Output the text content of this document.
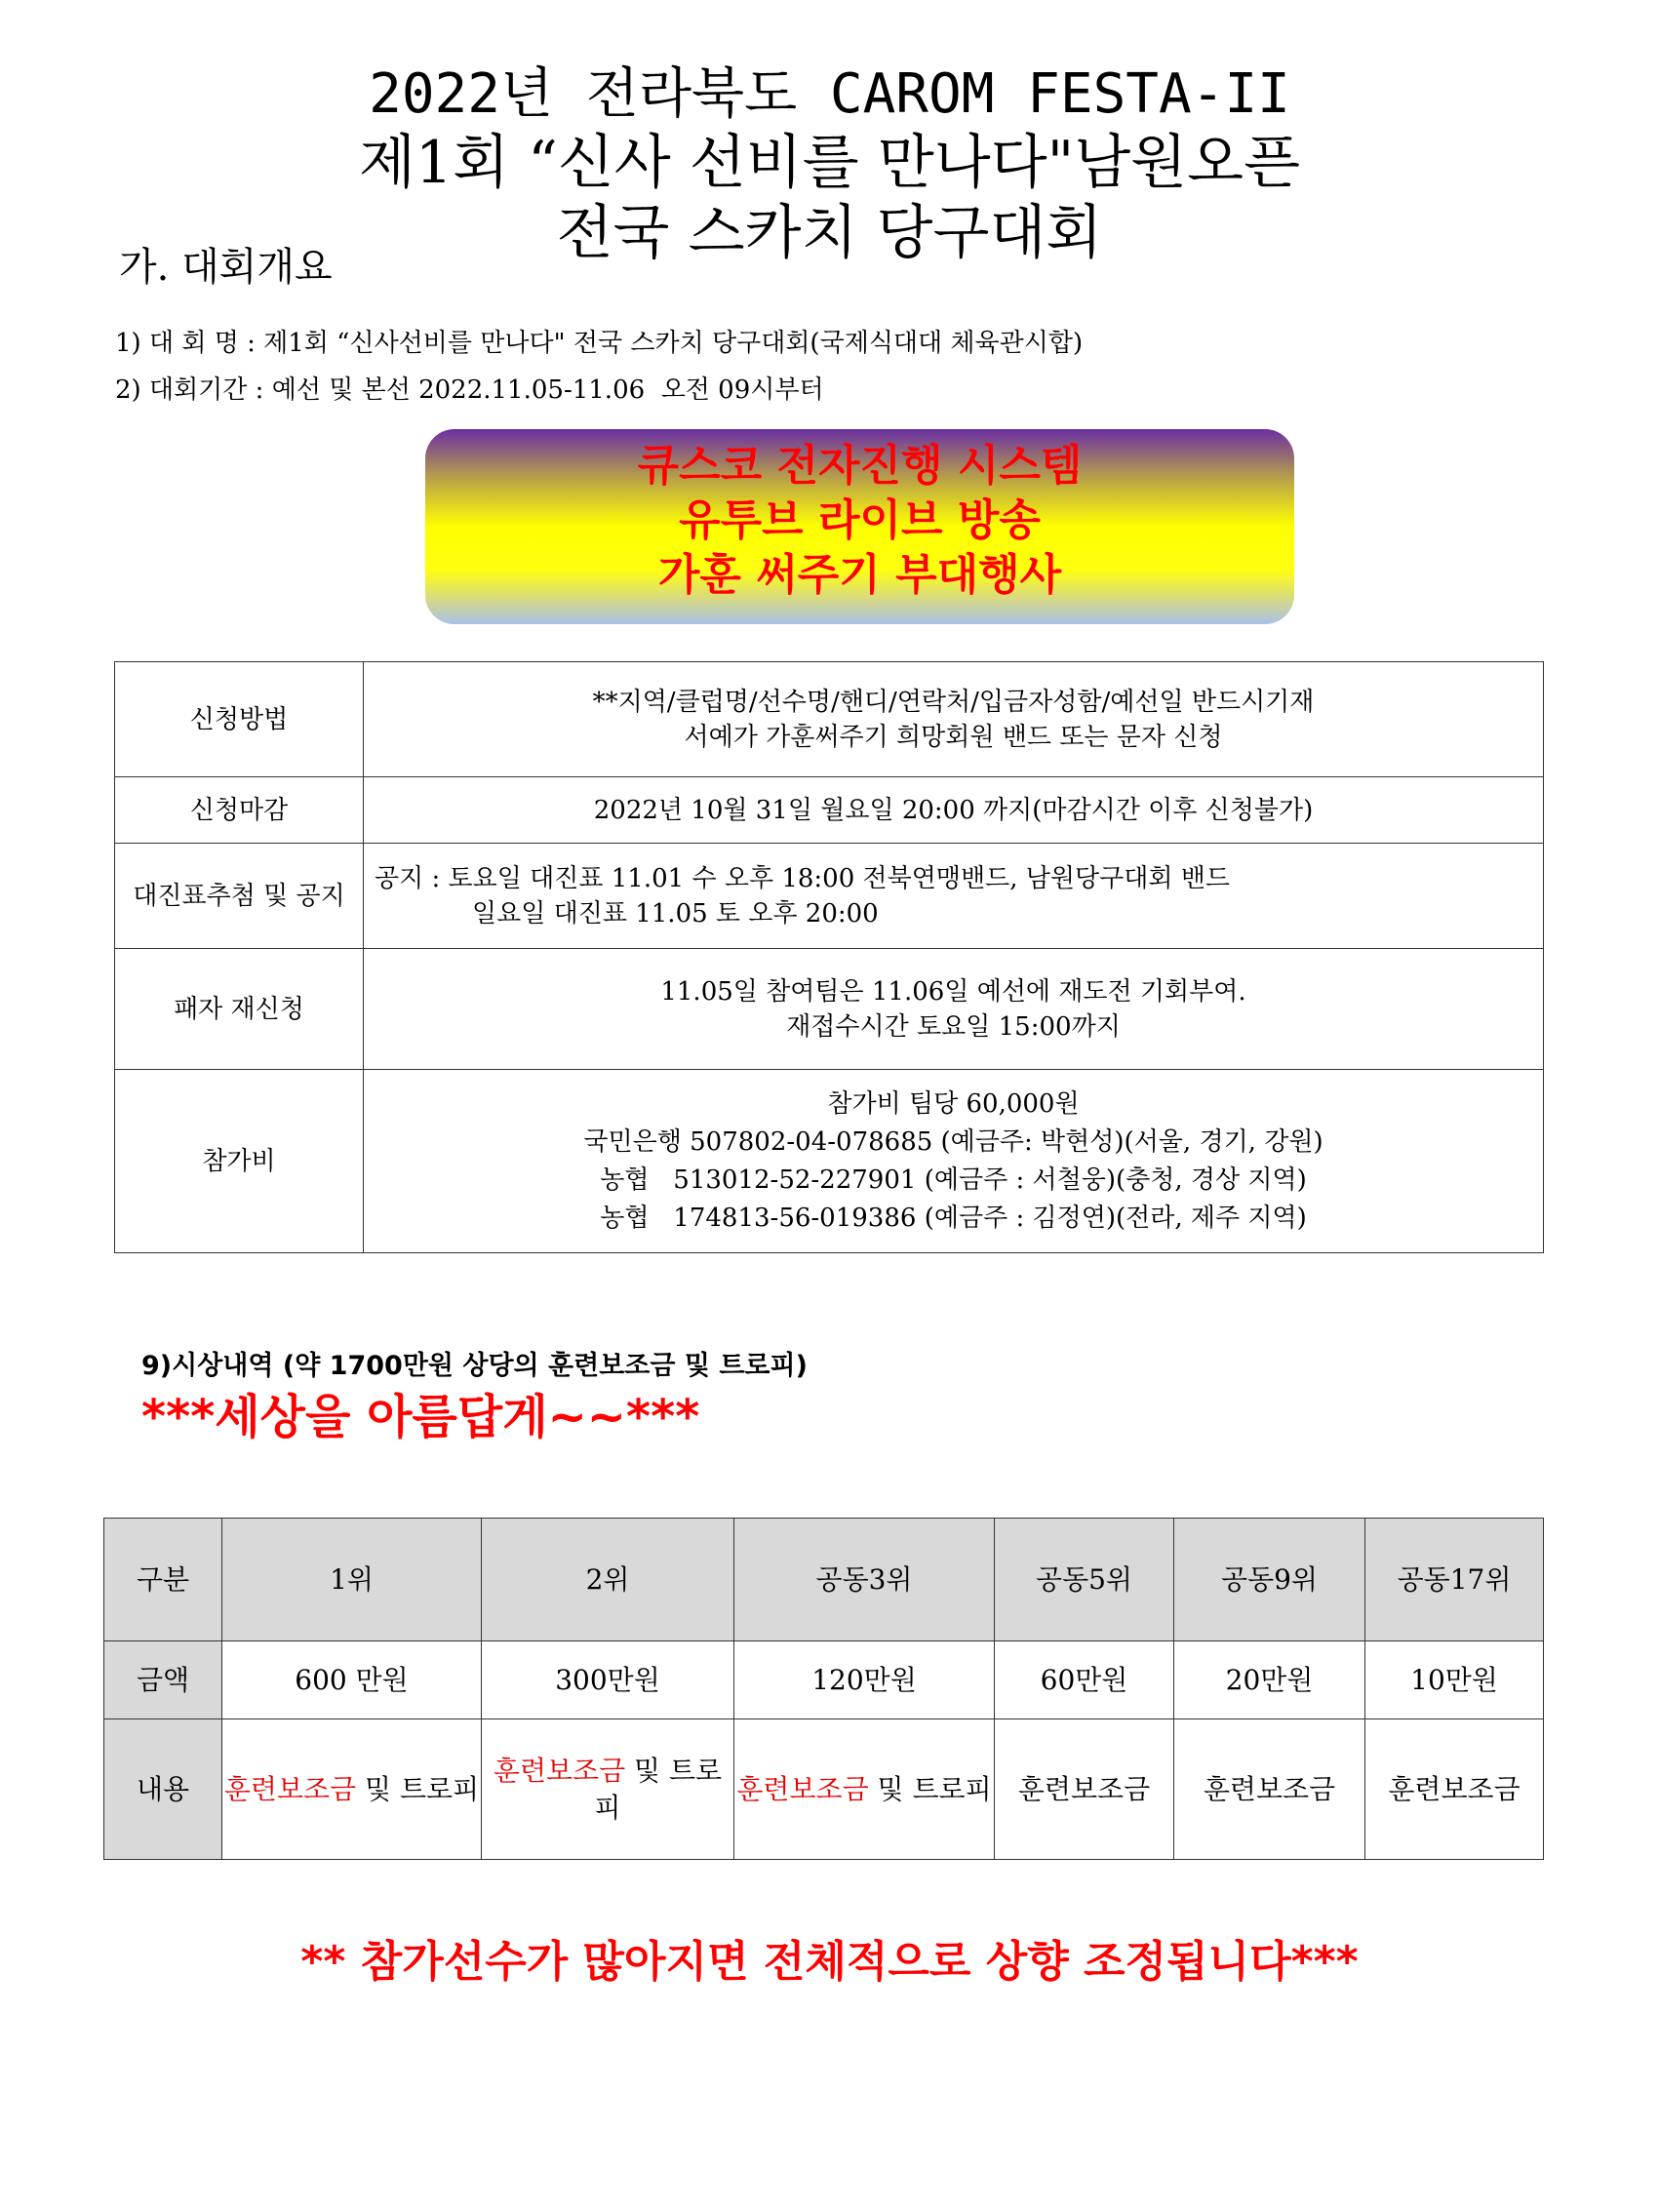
2022년 전라북도 CAROM FESTA-II
제1회 “신사 선비를 만나다"남원오픈
전국 스카치 당구대회
가. 대회개요
1) 대 회 명 : 제1회 “신사선비를 만나다" 전국 스카치 당구대회(국제식대대 체육관시합)
2) 대회기간 : 예선 및 본선 2022.11.05-11.06  오전 09시부터
큐스코 전자진행 시스템
유투브 라이브 방송
가훈 써주기 부대행사
신청방법	**지역/클럽명/선수명/핸디/연락처/입금자성함/예선일 반드시기재
서예가 가훈써주기 희망회원 밴드 또는 문자 신청

신청마감	2022년 10월 31일 월요일 20:00 까지(마감시간 이후 신청불가)

대진표추첨 및 공지	공지 : 토요일 대진표 11.01 수 오후 18:00 전북연맹밴드, 남원당구대회 밴드
일요일 대진표 11.05 토 오후 20:00

패자 재신청	11.05일 참여팀은 11.06일 예선에 재도전 기회부여.
재접수시간 토요일 15:00까지

참가비	참가비 팀당 60,000원
국민은행 507802-04-078685 (예금주: 박현성)(서울, 경기, 강원)
농협   513012-52-227901 (예금주 : 서철웅)(충청, 경상 지역)
농협   174813-56-019386 (예금주 : 김정연)(전라, 제주 지역)
9)시상내역 (약 1700만원 상당의 훈련보조금 및 트로피)
***세상을 아름답게~~***
구분	1위	2위	공동3위	공동5위	공동9위	공동17위
금액	600 만원	300만원	120만원	60만원	20만원	10만원
내용	훈련보조금 및 트로피	훈련보조금 및 트로피	훈련보조금 및 트로피	훈련보조금	훈련보조금	훈련보조금
** 참가선수가 많아지면 전체적으로 상향 조정됩니다***
